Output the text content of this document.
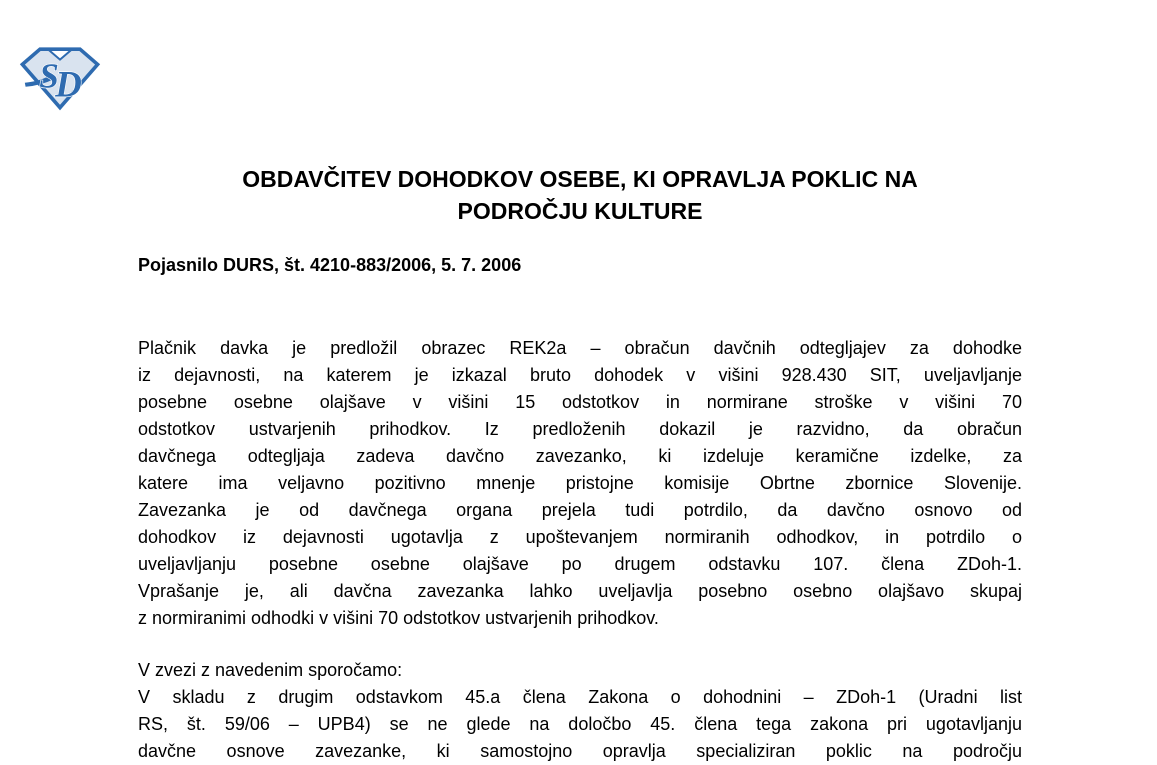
S
D
OBDAVČITEV DOHODKOV OSEBE, KI OPRAVLJA POKLIC NA
PODROČJU KULTURE
Pojasnilo DURS, št. 4210-883/2006, 5. 7. 2006
Plačnik davka je predložil obrazec REK2a – obračun davčnih odtegljajev za dohodke
iz dejavnosti, na katerem je izkazal bruto dohodek v višini 928.430 SIT, uveljavljanje
posebne osebne olajšave v višini 15 odstotkov in normirane stroške v višini 70
odstotkov ustvarjenih prihodkov. Iz predloženih dokazil je razvidno, da obračun
davčnega odtegljaja zadeva davčno zavezanko, ki izdeluje keramične izdelke, za
katere ima veljavno pozitivno mnenje pristojne komisije Obrtne zbornice Slovenije.
Zavezanka je od davčnega organa prejela tudi potrdilo, da davčno osnovo od
dohodkov iz dejavnosti ugotavlja z upoštevanjem normiranih odhodkov, in potrdilo o
uveljavljanju posebne osebne olajšave po drugem odstavku 107. člena ZDoh-1.
Vprašanje je, ali davčna zavezanka lahko uveljavlja posebno osebno olajšavo skupaj
z normiranimi odhodki v višini 70 odstotkov ustvarjenih prihodkov.
V zvezi z navedenim sporočamo:
V skladu z drugim odstavkom 45.a člena Zakona o dohodnini – ZDoh-1 (Uradni list
RS, št. 59/06 – UPB4) se ne glede na določbo 45. člena tega zakona pri ugotavljanju
davčne osnove zavezanke, ki samostojno opravlja specializiran poklic na področju
